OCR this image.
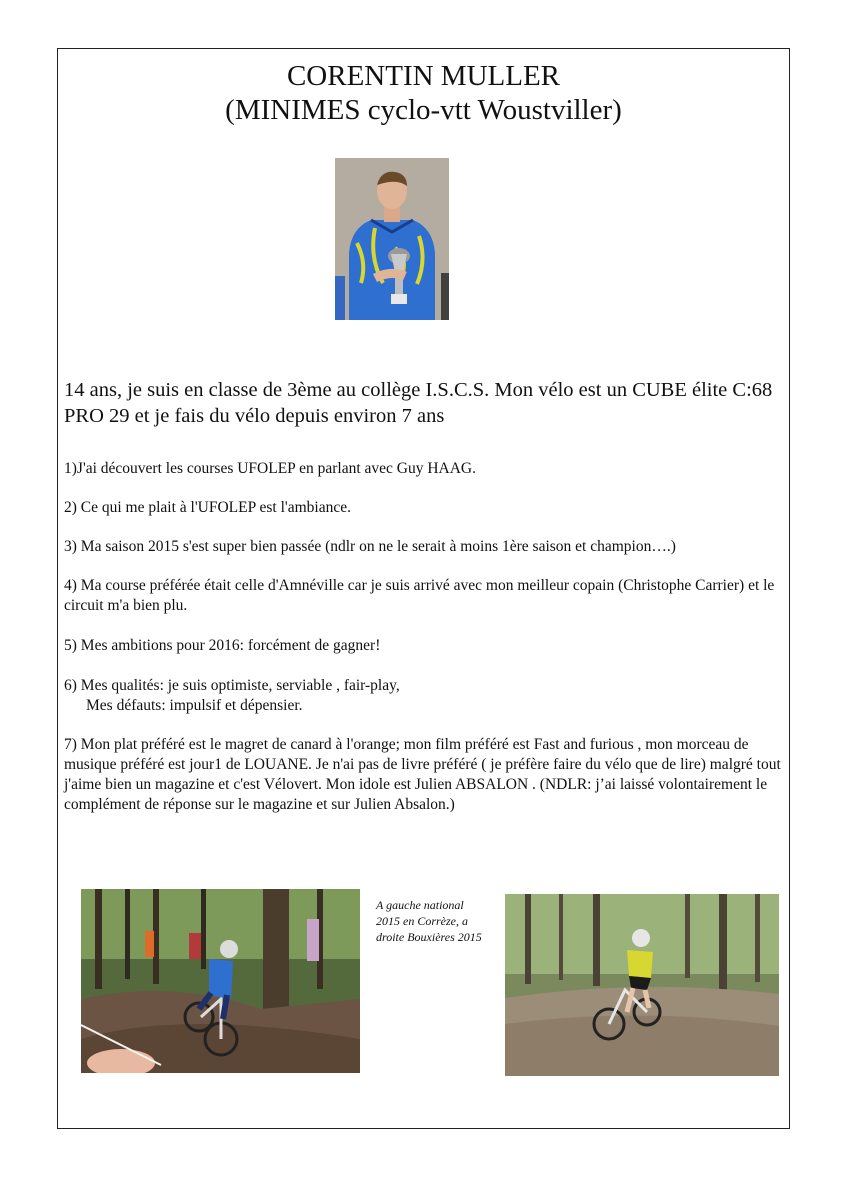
CORENTIN MULLER
(MINIMES cyclo-vtt Woustviller)
14 ans, je suis en classe de 3ème au collège I.S.C.S. Mon vélo est un CUBE élite C:68 PRO 29 et je fais du vélo depuis environ 7 ans
1)J'ai découvert les courses UFOLEP en parlant avec Guy HAAG.
2) Ce qui me plait à l'UFOLEP est l'ambiance.
3) Ma saison 2015 s'est super bien passée (ndlr on ne le serait à moins 1ère saison et champion….)
4) Ma course préférée était celle d'Amnéville car je suis arrivé avec mon meilleur copain (Christophe Carrier) et le circuit m'a bien plu.
5) Mes ambitions pour 2016: forcément de gagner!
6) Mes qualités: je suis optimiste, serviable , fair-play,
Mes défauts: impulsif et dépensier.
7) Mon plat préféré est le magret de canard à l'orange; mon film préféré est Fast and furious , mon morceau de musique préféré est jour1 de LOUANE. Je n'ai pas de livre préféré ( je préfère faire du vélo que de lire) malgré tout j'aime bien un magazine et c'est Vélovert. Mon idole est Julien ABSALON . (NDLR: j’ai laissé volontairement le complément de réponse sur le magazine et sur Julien Absalon.)
A gauche national 2015 en Corrèze, a droite Bouxières 2015
